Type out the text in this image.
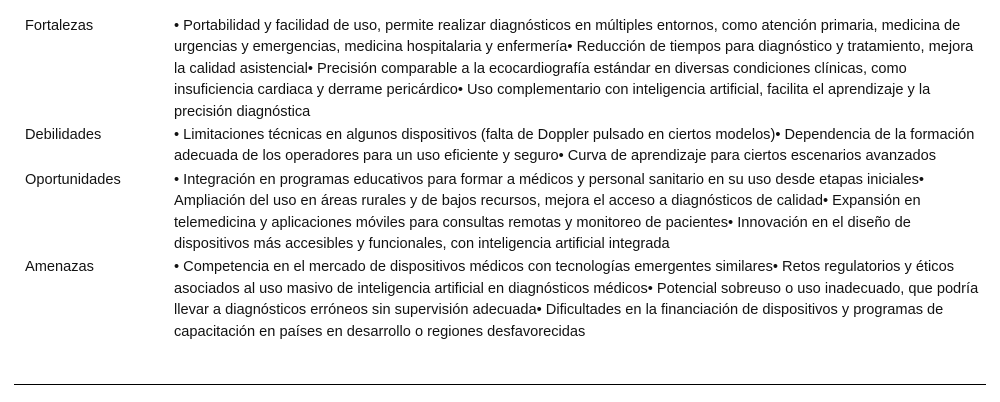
Fortalezas	• Portabilidad y facilidad de uso, permite realizar diagnósticos en múltiples entornos, como atención primaria, medicina de urgencias y emergencias, medicina hospitalaria y enfermería• Reducción de tiempos para diagnóstico y tratamiento, mejora la calidad asistencial• Precisión comparable a la ecocardiografía estándar en diversas condiciones clínicas, como insuficiencia cardiaca y derrame pericárdico• Uso complementario con inteligencia artificial, facilita el aprendizaje y la precisión diagnóstica
Debilidades	• Limitaciones técnicas en algunos dispositivos (falta de Doppler pulsado en ciertos modelos)• Dependencia de la formación adecuada de los operadores para un uso eficiente y seguro• Curva de aprendizaje para ciertos escenarios avanzados
Oportunidades	• Integración en programas educativos para formar a médicos y personal sanitario en su uso desde etapas iniciales• Ampliación del uso en áreas rurales y de bajos recursos, mejora el acceso a diagnósticos de calidad• Expansión en telemedicina y aplicaciones móviles para consultas remotas y monitoreo de pacientes• Innovación en el diseño de dispositivos más accesibles y funcionales, con inteligencia artificial integrada
Amenazas	• Competencia en el mercado de dispositivos médicos con tecnologías emergentes similares• Retos regulatorios y éticos asociados al uso masivo de inteligencia artificial en diagnósticos médicos• Potencial sobreuso o uso inadecuado, que podría llevar a diagnósticos erróneos sin supervisión adecuada• Dificultades en la financiación de dispositivos y programas de capacitación en países en desarrollo o regiones desfavorecidas
